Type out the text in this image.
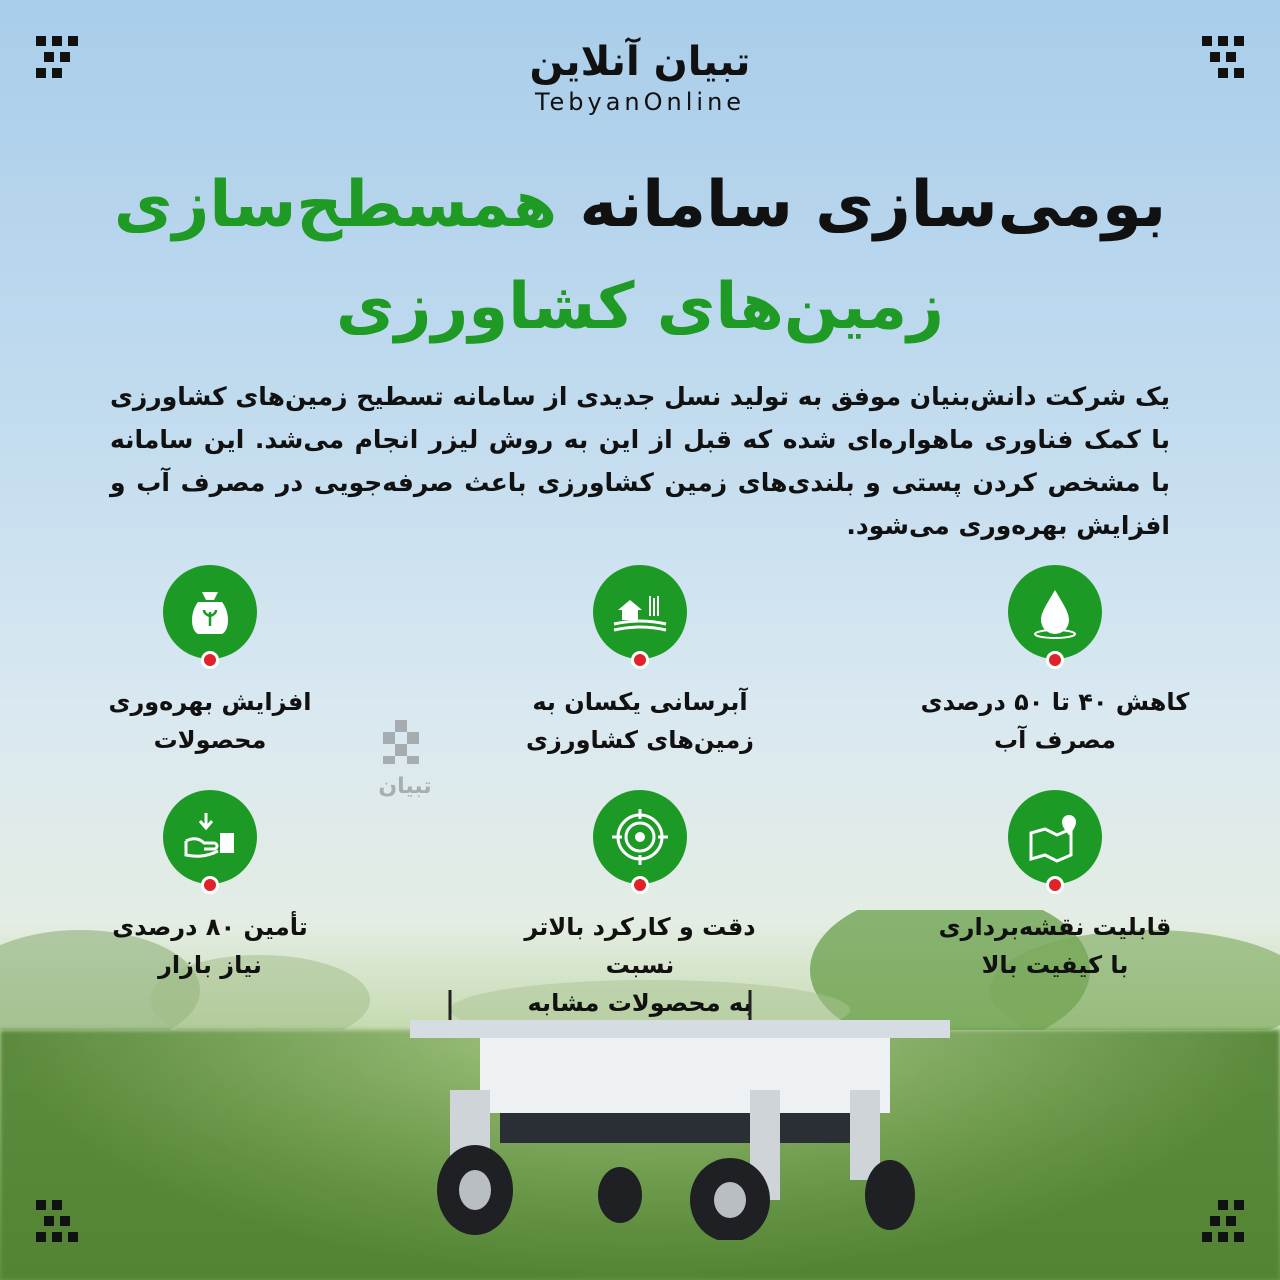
تبیان آنلاین
TebyanOnline
بومی‌سازی سامانه همسطح‌سازی
زمین‌های کشاورزی
یک شرکت دانش‌بنیان موفق به تولید نسل جدیدی از سامانه تسطیح زمین‌های کشاورزی با کمک فناوری ماهواره‌ای شده که قبل از این به روش لیزر انجام می‌شد. این سامانه با مشخص کردن پستی و بلندی‌های زمین کشاورزی باعث صرفه‌جویی در مصرف آب و افزایش بهره‌وری می‌شود.
کاهش ۴۰ تا ۵۰ درصدی
مصرف آب
آبرسانی یکسان به
زمین‌های کشاورزی
افزایش بهره‌وری
محصولات
قابلیت نقشه‌برداری
با کیفیت بالا
دقت و کارکرد بالاتر نسبت
به محصولات مشابه
تأمین ۸۰ درصدی
نیاز بازار
تبیان
